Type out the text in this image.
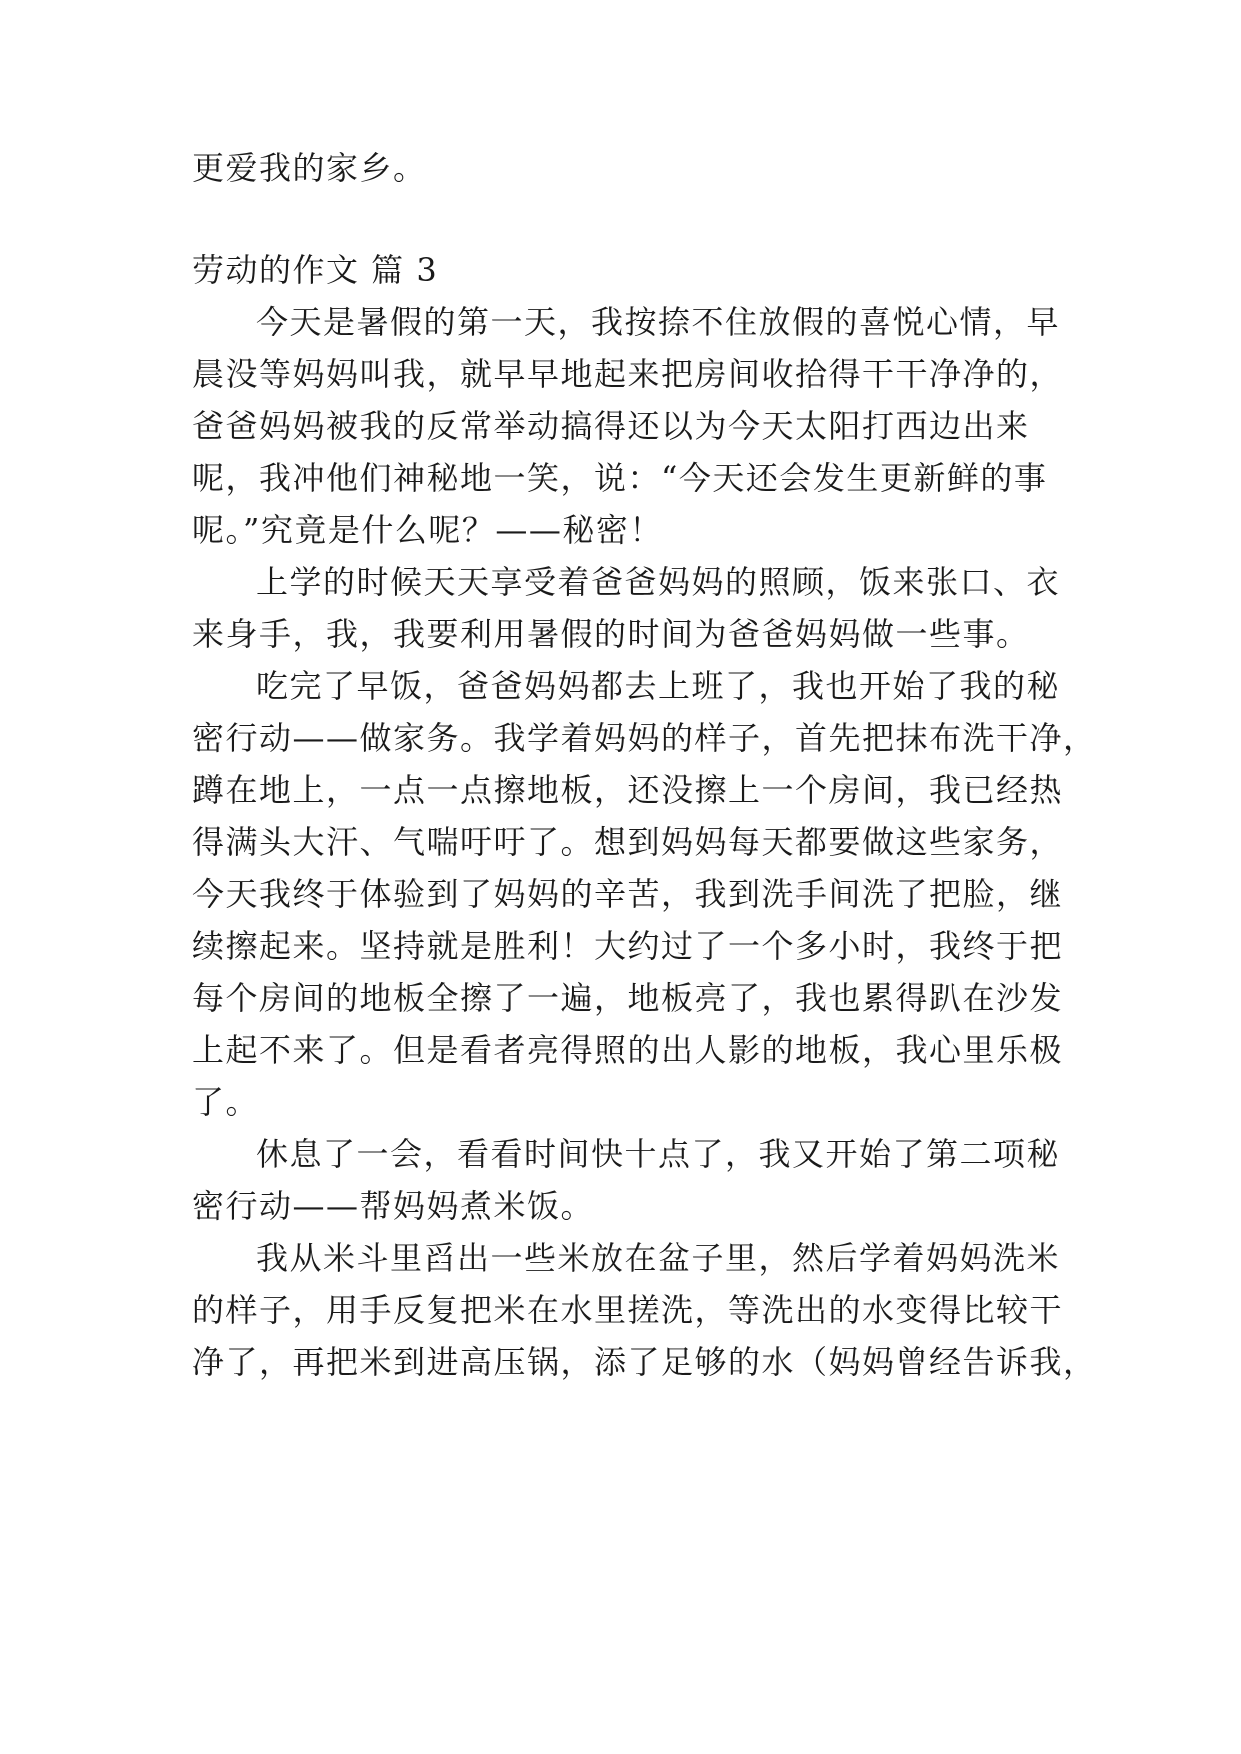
更爱我的家乡。

劳动的作文 篇 3

今天是暑假的第一天，我按捺不住放假的喜悦心情，早

晨没等妈妈叫我，就早早地起来把房间收拾得干干净净的，

爸爸妈妈被我的反常举动搞得还以为今天太阳打西边出来

呢，我冲他们神秘地一笑，说：“今天还会发生更新鲜的事

呢。”究竟是什么呢？——秘密！

上学的时候天天享受着爸爸妈妈的照顾，饭来张口、衣

来身手，我，我要利用暑假的时间为爸爸妈妈做一些事。

吃完了早饭，爸爸妈妈都去上班了，我也开始了我的秘

密行动——做家务。我学着妈妈的样子，首先把抹布洗干净，

蹲在地上，一点一点擦地板，还没擦上一个房间，我已经热

得满头大汗、气喘吁吁了。想到妈妈每天都要做这些家务，

今天我终于体验到了妈妈的辛苦，我到洗手间洗了把脸，继

续擦起来。坚持就是胜利！大约过了一个多小时，我终于把

每个房间的地板全擦了一遍，地板亮了，我也累得趴在沙发

上起不来了。但是看者亮得照的出人影的地板，我心里乐极

了。

休息了一会，看看时间快十点了，我又开始了第二项秘

密行动——帮妈妈煮米饭。

我从米斗里舀出一些米放在盆子里，然后学着妈妈洗米

的样子，用手反复把米在水里搓洗，等洗出的水变得比较干

净了，再把米到进高压锅，添了足够的水（妈妈曾经告诉我，
